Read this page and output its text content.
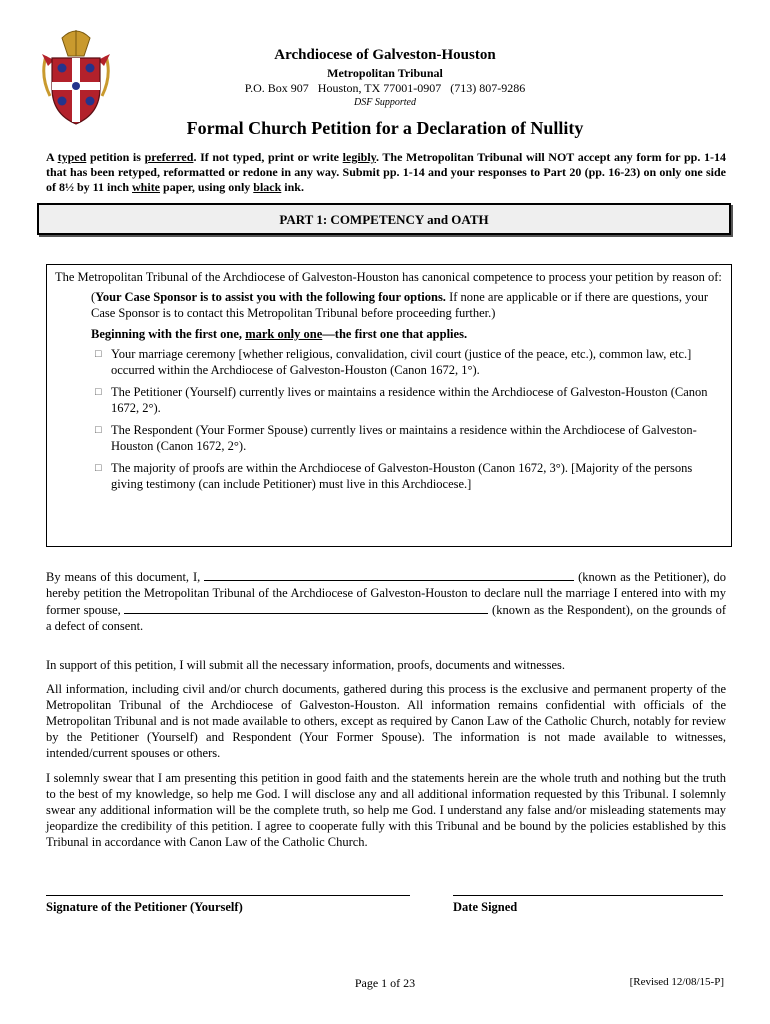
Archdiocese of Galveston-Houston
Metropolitan Tribunal
P.O. Box 907 Houston, TX 77001-0907 (713) 807-9286
DSF Supported
Formal Church Petition for a Declaration of Nullity
A typed petition is preferred. If not typed, print or write legibly. The Metropolitan Tribunal will NOT accept any form for pp. 1-14 that has been retyped, reformatted or redone in any way. Submit pp. 1-14 and your responses to Part 20 (pp. 16-23) on only one side of 8½ by 11 inch white paper, using only black ink.
PART 1: COMPETENCY and OATH

The Metropolitan Tribunal of the Archdiocese of Galveston-Houston has canonical competence to process your petition by reason of:

(Your Case Sponsor is to assist you with the following four options. If none are applicable or if there are questions, your Case Sponsor is to contact this Metropolitan Tribunal before proceeding further.)

Beginning with the first one, mark only one—the first one that applies.

□ Your marriage ceremony [whether religious, convalidation, civil court (justice of the peace, etc.), common law, etc.] occurred within the Archdiocese of Galveston-Houston (Canon 1672, 1°).
□ The Petitioner (Yourself) currently lives or maintains a residence within the Archdiocese of Galveston-Houston (Canon 1672, 2°).
□ The Respondent (Your Former Spouse) currently lives or maintains a residence within the Archdiocese of Galveston-Houston (Canon 1672, 2°).
□ The majority of proofs are within the Archdiocese of Galveston-Houston (Canon 1672, 3°). [Majority of the persons giving testimony (can include Petitioner) must live in this Archdiocese.]

By means of this document, I,	(known as the Petitioner), do hereby petition the Metropolitan Tribunal of the Archdiocese of Galveston-Houston to declare null the marriage I entered into with my former spouse,	(known as the Respondent), on the grounds of a defect of consent.

In support of this petition, I will submit all the necessary information, proofs, documents and witnesses.

All information, including civil and/or church documents, gathered during this process is the exclusive and permanent property of the Metropolitan Tribunal of the Archdiocese of Galveston-Houston. All information remains confidential with officials of the Metropolitan Tribunal and is not made available to others, except as required by Canon Law of the Catholic Church, notably for review by the Petitioner (Yourself) and Respondent (Your Former Spouse). The information is not made available to witnesses, intended/current spouses or others.

I solemnly swear that I am presenting this petition in good faith and the statements herein are the whole truth and nothing but the truth to the best of my knowledge, so help me God. I will disclose any and all additional information requested by this Tribunal. I solemnly swear any additional information will be the complete truth, so help me God. I understand any false and/or misleading statements may jeopardize the credibility of this petition. I agree to cooperate fully with this Tribunal and be bound by the policies established by this Tribunal in accordance with Canon Law of the Catholic Church.

Signature of the Petitioner (Yourself)	Date Signed
Page 1 of 23	[Revised 12/08/15-P]
